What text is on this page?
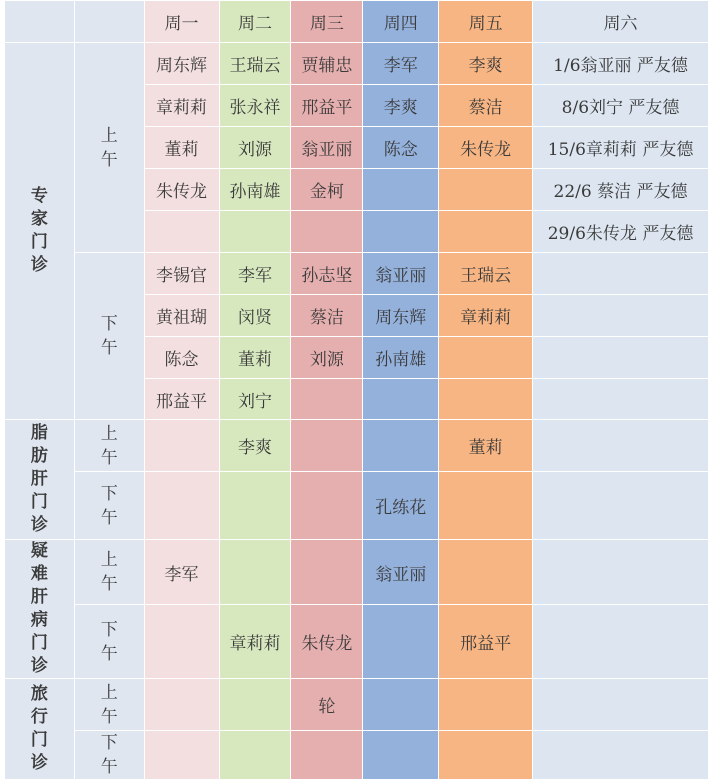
		周一	周二	周三	周四	周五	周六
专家门诊	上午	周东辉	王瑞云	贾辅忠	李军	李爽	1/6翁亚丽 严友德
		章莉莉	张永祥	邢益平	李爽	蔡洁	8/6刘宁 严友德
		董莉	刘源	翁亚丽	陈念	朱传龙	15/6章莉莉 严友德
		朱传龙	孙南雄	金柯			22/6 蔡洁 严友德
							29/6朱传龙 严友德
	下午	李锡官	李军	孙志坚	翁亚丽	王瑞云	
		黄祖瑚	闵贤	蔡洁	周东辉	章莉莉	
		陈念	董莉	刘源	孙南雄		
		邢益平	刘宁				
脂肪肝门诊	上午		李爽			董莉	
	下午				孔练花		
疑难肝病门诊	上午	李军			翁亚丽		
	下午		章莉莉	朱传龙		邢益平	
旅行门诊	上午			轮			
	下午						
